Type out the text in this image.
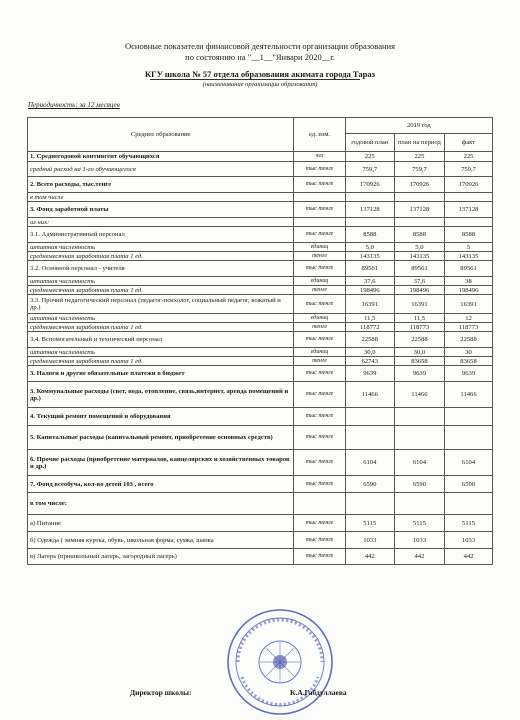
Основные показатели финансовой деятельности организации образования
по состоянию на "__1__"Январи 2020__г.
КГУ школа № 57 отдела образования акимата города Тараз
(наименование организации образования)
Периодичность: за 12 месяцев
Среднее образование	ед. изм.	2019 год		
		годовой план	план на период	факт
1. Среднегодовой контингент обучающихся	чел	225	225	225
средний расход на 1-го обучающегося	тыс тенге	759,7	759,7	759,7
2. Всего расходы, тыс.тенге	тыс тенге	170926	170926	170926
в том числе				
3. Фонд заработной платы	тыс тенге	137128	137128	137128
из них:				
3.1. Административный персонал	тыс тенге	8588	8588	8588
штатная численность	единиц	5,0	5,0	5
среднемесячная заработная плата 1 ед.	тенге	143135	143135	143135
3.2. Основной персонал - учителя	тыс тенге	89561	89561	89561
штатная численность	единиц	37,6	37,6	38
среднемесячная заработная плата 1 ед.	тенге	198496	198496	198496
3.3. Прочий педагогический персонал (педагог-психолог, социальный педагог, вожатый и др.)	тыс тенге	16391	16391	16391
штатная численность	единиц	11,5	11,5	12
среднемесячная заработная плата 1 ед.	тенге	118772	118773	118773
3.4. Вспомогательный и технический персонал	тыс тенге	22588	22588	22588
штатная численность	единиц	30,0	30,0	30
среднемесячная заработная плата 1 ед.	тенге	62743	83658	83658
3. Налоги и другие обязательные платежи в бюджет	тыс тенге	9639	9639	9639
3. Коммунальные расходы (свет, вода, отопление, связь,интернет, аренда помещений и др.)	тыс тенге	11466	11466	11466
4. Текущий ремонт помещений и оборудования	тыс тенге			
5. Капитальные расходы (капитальный ремонт, приобретение основных средств)	тыс тенге			
6. Прочие расходы (приобретение материалов, канцелярских и хозяйственных товаров и др.)	тыс тенге	6104	6104	6104
7. Фонд всеобуча, кол-во детей 103 , всего	тыс тенге	6590	6590	6590
в том числе:				
а) Питание	тыс тенге	5115	5115	5115
б) Одежда ( зимняя куртка, обувь, школьная форма, сумка, шапка	тыс тенге	1033	1033	1033
в) Лагерь (пришкольный лагерь, загородный лагерь)	тыс тенге	442	442	442
Директор школы:	К.А.Габдуллаева
